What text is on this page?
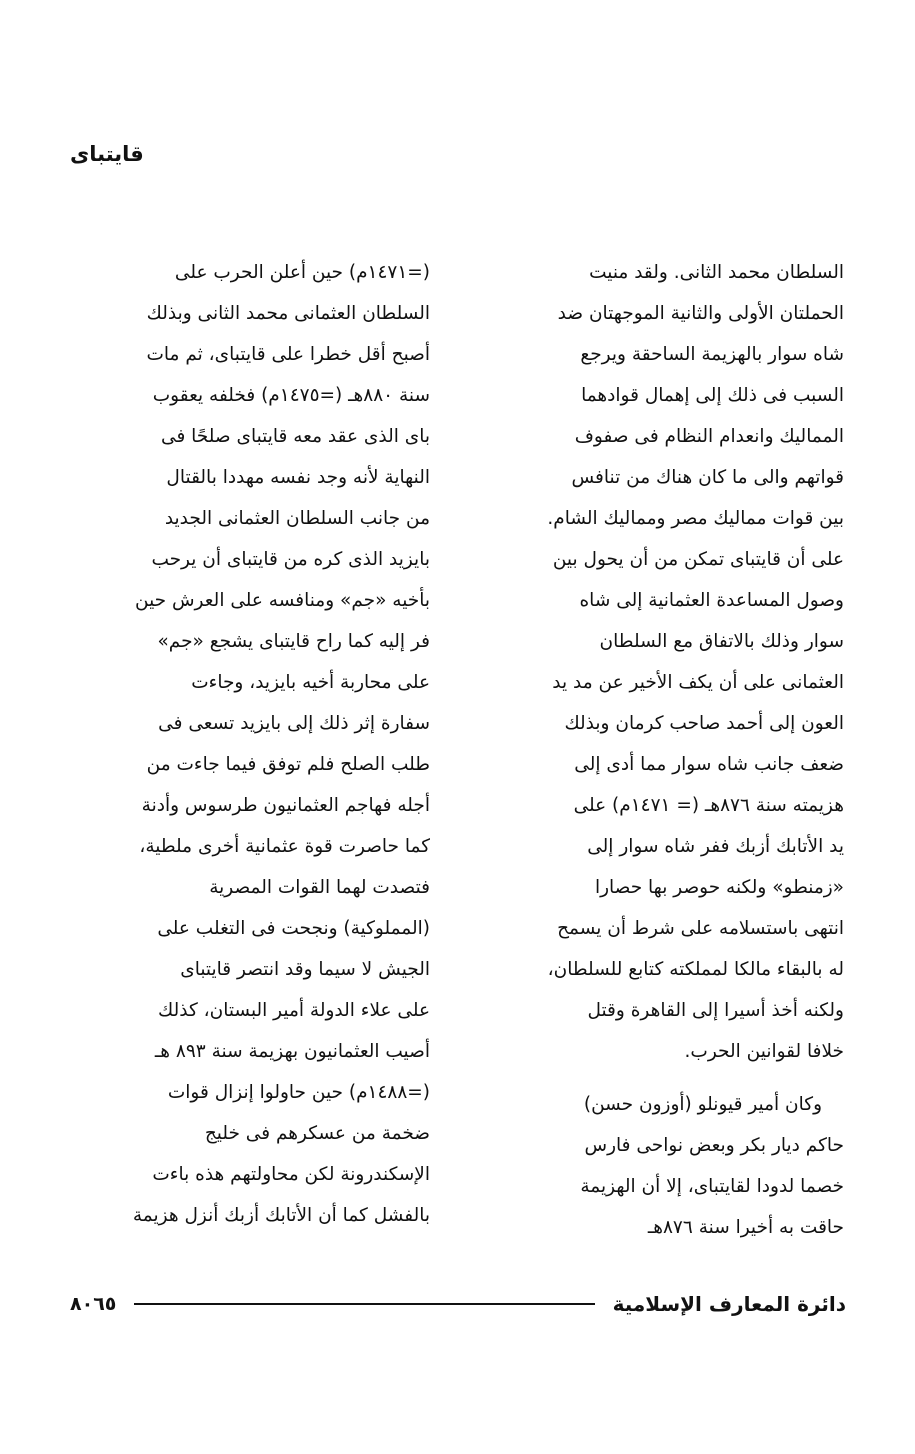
قايتباى
السلطان محمد الثانى. ولقد منيت
الحملتان الأولى والثانية الموجهتان ضد
شاه سوار بالهزيمة الساحقة ويرجع
السبب فى ذلك إلى إهمال قوادهما
المماليك وانعدام النظام فى صفوف
قواتهم والى ما كان هناك من تنافس
بين قوات مماليك مصر ومماليك الشام.
على أن قايتباى تمكن من أن يحول بين
وصول المساعدة العثمانية إلى شاه
سوار وذلك بالاتفاق مع السلطان
العثمانى على أن يكف الأخير عن مد يد
العون إلى أحمد صاحب كرمان وبذلك
ضعف جانب شاه سوار مما أدى إلى
هزيمته سنة ٨٧٦هـ (= ١٤٧١م) على
يد الأتابك أزبك ففر شاه سوار إلى
«زمنطو» ولكنه حوصر بها حصارا
انتهى باستسلامه على شرط أن يسمح
له بالبقاء مالكا لمملكته كتابع للسلطان،
ولكنه أخذ أسيرا إلى القاهرة وقتل
خلافا لقوانين الحرب.
وكان أمير قيونلو (أوزون حسن)
حاكم ديار بكر وبعض نواحى فارس
خصما لدودا لقايتباى، إلا أن الهزيمة
حاقت به أخيرا سنة ٨٧٦هـ
(=١٤٧١م) حين أعلن الحرب على
السلطان العثمانى محمد الثانى وبذلك
أصبح أقل خطرا على قايتباى، ثم مات
سنة ٨٨٠هـ (=١٤٧٥م) فخلفه يعقوب
باى الذى عقد معه قايتباى صلحًا فى
النهاية لأنه وجد نفسه مهددا بالقتال
من جانب السلطان العثمانى الجديد
بايزيد الذى كره من قايتباى أن يرحب
بأخيه «جم» ومنافسه على العرش حين
فر إليه كما راح قايتباى يشجع «جم»
على محاربة أخيه بايزيد، وجاءت
سفارة إثر ذلك إلى بايزيد تسعى فى
طلب الصلح فلم توفق فيما جاءت من
أجله فهاجم العثمانيون طرسوس وأدنة
كما حاصرت قوة عثمانية أخرى ملطية،
فتصدت لهما القوات المصرية
(المملوكية) ونجحت فى التغلب على
الجيش لا سيما وقد انتصر قايتباى
على علاء الدولة أمير البستان، كذلك
أصيب العثمانيون بهزيمة سنة ٨٩٣ هـ
(=١٤٨٨م) حين حاولوا إنزال قوات
ضخمة من عسكرهم فى خليج
الإسكندرونة لكن محاولتهم هذه باءت
بالفشل كما أن الأتابك أزبك أنزل هزيمة
دائرة المعارف الإسلامية
٨٠٦٥
